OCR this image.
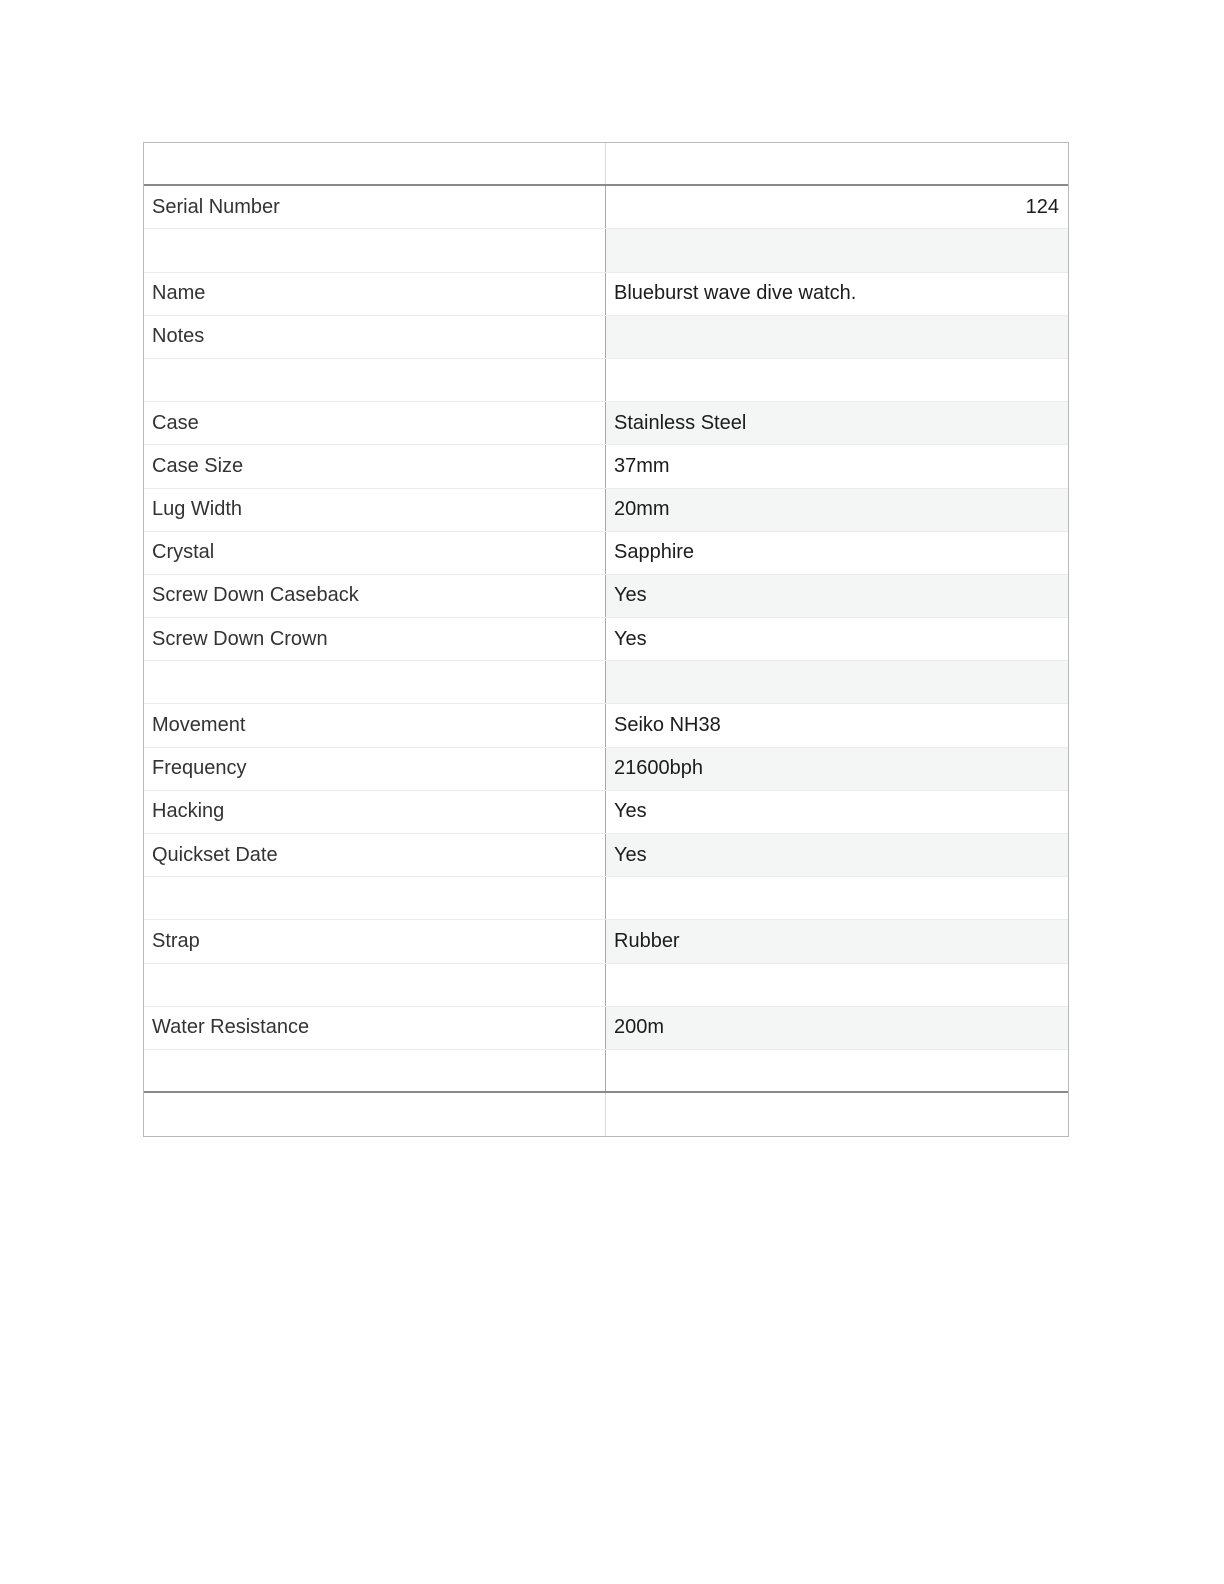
Serial Number	124
Name	Blueburst wave dive watch.
Notes
Case	Stainless Steel
Case Size	37mm
Lug Width	20mm
Crystal	Sapphire
Screw Down Caseback	Yes
Screw Down Crown	Yes
Movement	Seiko NH38
Frequency	21600bph
Hacking	Yes
Quickset Date	Yes
Strap	Rubber
Water Resistance	200m
